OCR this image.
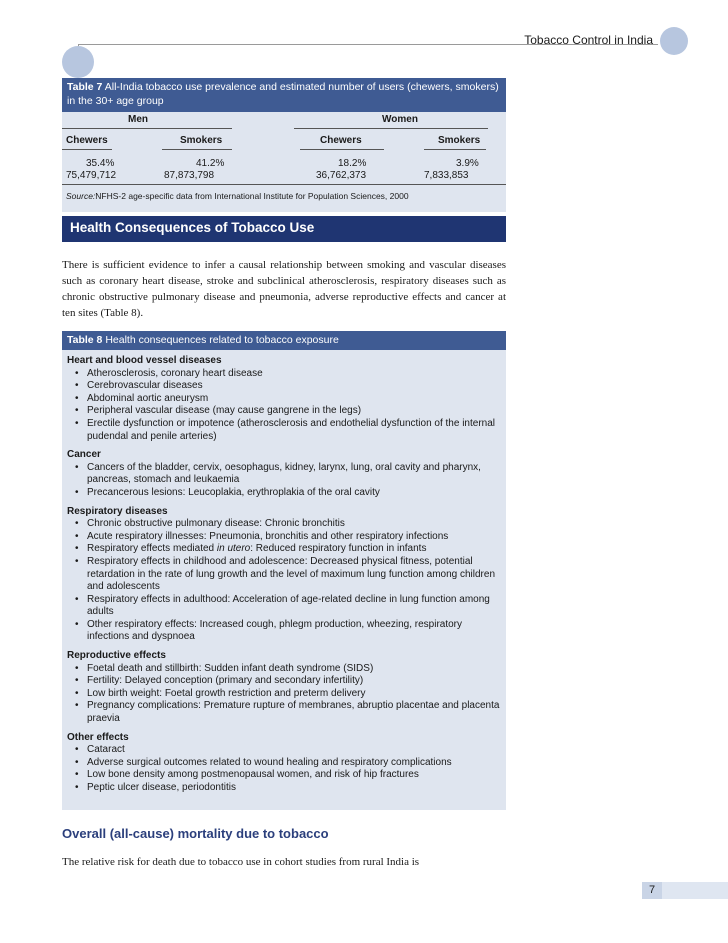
Tobacco Control in India
Table 7 All-India tobacco use prevalence and estimated number of users (chewers, smokers) in the 30+ age group
Men	Women
Chewers	Smokers	Chewers	Smokers
35.4%	41.2%	18.2%	3.9%
75,479,712	87,873,798	36,762,373	7,833,853
Source:NFHS-2 age-specific data from International Institute for Population Sciences, 2000
Health Consequences of Tobacco Use
There is sufficient evidence to infer a causal relationship between smoking and vascular diseases such as coronary heart disease, stroke and subclinical atherosclerosis, respiratory diseases such as chronic obstructive pulmonary disease and pneumonia, adverse reproductive effects and cancer at ten sites (Table 8).
Table 8 Health consequences related to tobacco exposure
Heart and blood vessel diseases
• Atherosclerosis, coronary heart disease
• Cerebrovascular diseases
• Abdominal aortic aneurysm
• Peripheral vascular disease (may cause gangrene in the legs)
• Erectile dysfunction or impotence (atherosclerosis and endothelial dysfunction of the internal pudendal and penile arteries)
Cancer
• Cancers of the bladder, cervix, oesophagus, kidney, larynx, lung, oral cavity and pharynx, pancreas, stomach and leukaemia
• Precancerous lesions: Leucoplakia, erythroplakia of the oral cavity
Respiratory diseases
• Chronic obstructive pulmonary disease: Chronic bronchitis
• Acute respiratory illnesses: Pneumonia, bronchitis and other respiratory infections
• Respiratory effects mediated in utero: Reduced respiratory function in infants
• Respiratory effects in childhood and adolescence: Decreased physical fitness, potential retardation in the rate of lung growth and the level of maximum lung function among children and adolescents
• Respiratory effects in adulthood: Acceleration of age-related decline in lung function among adults
• Other respiratory effects: Increased cough, phlegm production, wheezing, respiratory infections and dyspnoea
Reproductive effects
• Foetal death and stillbirth: Sudden infant death syndrome (SIDS)
• Fertility: Delayed conception (primary and secondary infertility)
• Low birth weight: Foetal growth restriction and preterm delivery
• Pregnancy complications: Premature rupture of membranes, abruptio placentae and placenta praevia
Other effects
• Cataract
• Adverse surgical outcomes related to wound healing and respiratory complications
• Low bone density among postmenopausal women, and risk of hip fractures
• Peptic ulcer disease, periodontitis
Overall (all-cause) mortality due to tobacco
The relative risk for death due to tobacco use in cohort studies from rural India is
7
